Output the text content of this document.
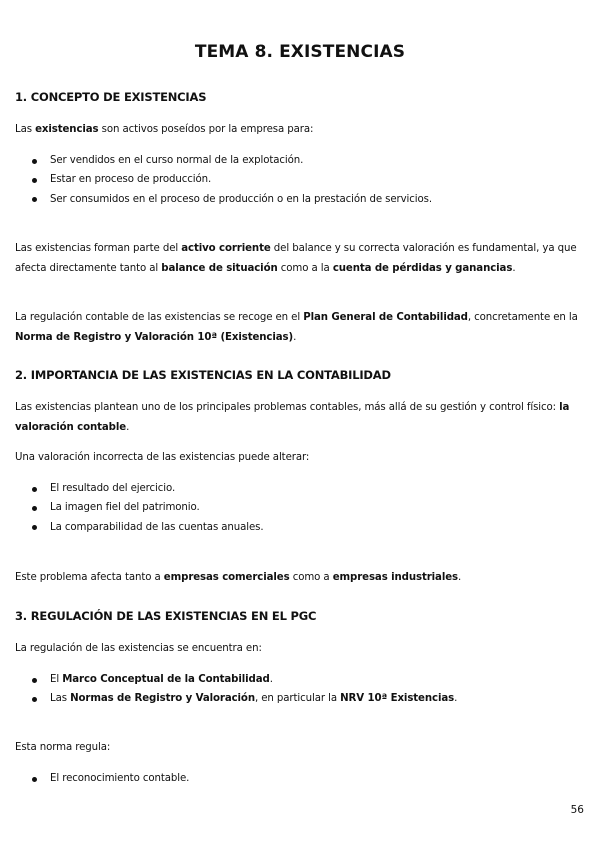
TEMA 8. EXISTENCIAS
1. CONCEPTO DE EXISTENCIAS

Las existencias son activos poseídos por la empresa para:

Ser vendidos en el curso normal de la explotación.
Estar en proceso de producción.
Ser consumidos en el proceso de producción o en la prestación de servicios.

Las existencias forman parte del activo corriente del balance y su correcta valoración es fundamental, ya que afecta directamente tanto al balance de situación como a la cuenta de pérdidas y ganancias.

La regulación contable de las existencias se recoge en el Plan General de Contabilidad, concretamente en la Norma de Registro y Valoración 10ª (Existencias).

2. IMPORTANCIA DE LAS EXISTENCIAS EN LA CONTABILIDAD

Las existencias plantean uno de los principales problemas contables, más allá de su gestión y control físico: la valoración contable.

Una valoración incorrecta de las existencias puede alterar:

El resultado del ejercicio.
La imagen fiel del patrimonio.
La comparabilidad de las cuentas anuales.

Este problema afecta tanto a empresas comerciales como a empresas industriales.

3. REGULACIÓN DE LAS EXISTENCIAS EN EL PGC

La regulación de las existencias se encuentra en:

El Marco Conceptual de la Contabilidad.
Las Normas de Registro y Valoración, en particular la NRV 10ª Existencias.

Esta norma regula:

El reconocimiento contable.
56
